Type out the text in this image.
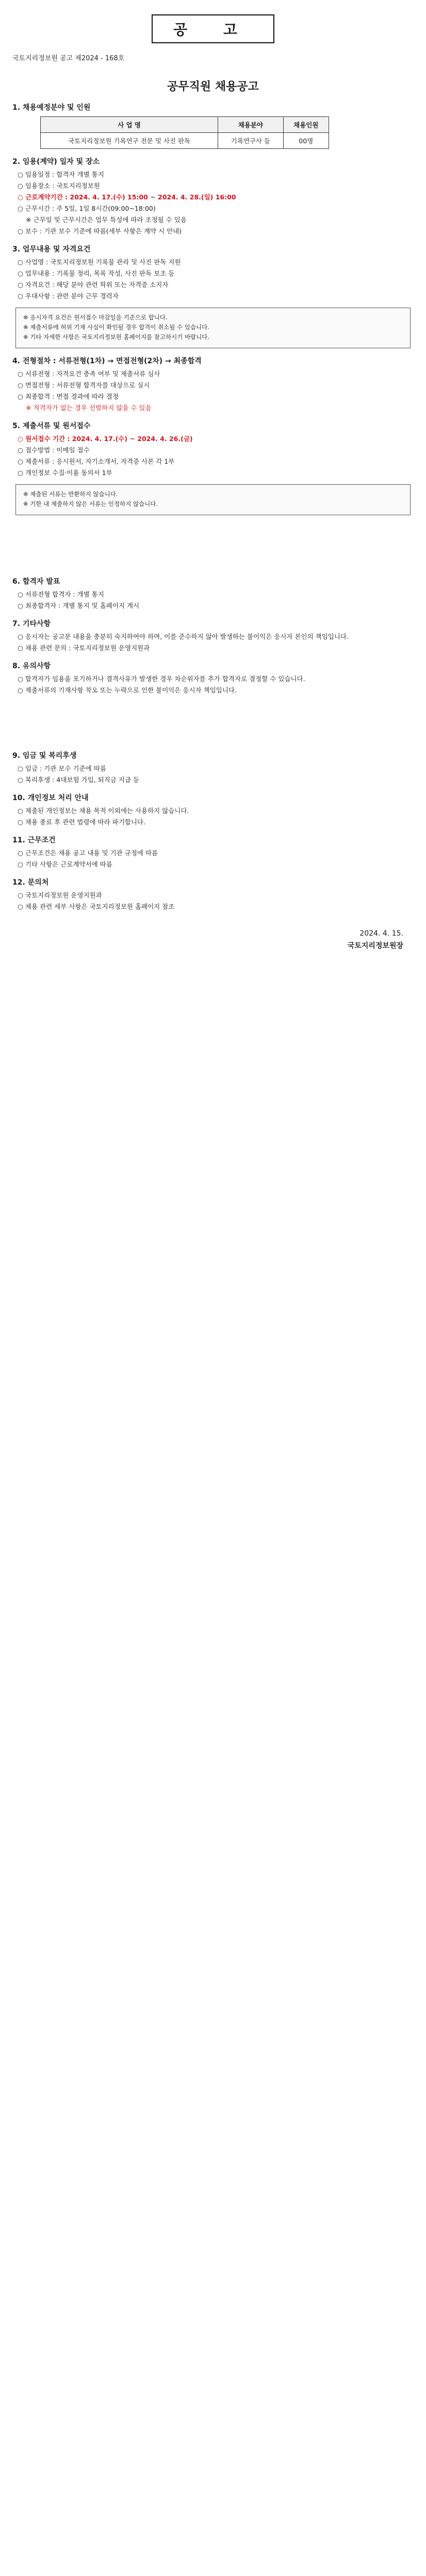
공 고
국토지리정보원 공고 제2024 - 168호
공무직원 채용공고
1. 채용예정분야 및 인원
사 업 명	채용분야	채용인원
국토지리정보원 기록연구 전문 및 사진 판독	기록연구사 등	00명
2. 임용(계약) 일자 및 장소
○ 임용일정 : 합격자 개별 통지
○ 임용장소 : 국토지리정보원
○ 근로계약기간 : 2024. 4. 17.(수) 15:00 ~ 2024. 4. 28.(일) 16:00
○ 근무시간 : 주 5일, 1일 8시간(09:00~18:00)
※ 근무일 및 근무시간은 업무 특성에 따라 조정될 수 있음
○ 보수 : 기관 보수 기준에 따름(세부 사항은 계약 시 안내)
3. 업무내용 및 자격요건
○ 사업명 : 국토지리정보원 기록물 관리 및 사진 판독 지원
○ 업무내용 : 기록물 정리, 목록 작성, 사진 판독 보조 등
○ 자격요건 : 해당 분야 관련 학위 또는 자격증 소지자
○ 우대사항 : 관련 분야 근무 경력자
※ 응시자격 요건은 원서접수 마감일을 기준으로 합니다.
※ 제출서류에 허위 기재 사실이 확인될 경우 합격이 취소될 수 있습니다.
※ 기타 자세한 사항은 국토지리정보원 홈페이지를 참고하시기 바랍니다.
4. 전형절차 : 서류전형(1차) → 면접전형(2차) → 최종합격
○ 서류전형 : 자격요건 충족 여부 및 제출서류 심사
○ 면접전형 : 서류전형 합격자를 대상으로 실시
○ 최종합격 : 면접 결과에 따라 결정
※ 적격자가 없는 경우 선발하지 않을 수 있음
5. 제출서류 및 원서접수
○ 원서접수 기간 : 2024. 4. 17.(수) ~ 2024. 4. 26.(금)
○ 접수방법 : 이메일 접수
○ 제출서류 : 응시원서, 자기소개서, 자격증 사본 각 1부
○ 개인정보 수집·이용 동의서 1부
※ 제출된 서류는 반환하지 않습니다.
※ 기한 내 제출하지 않은 서류는 인정하지 않습니다.
6. 합격자 발표
○ 서류전형 합격자 : 개별 통지
○ 최종합격자 : 개별 통지 및 홈페이지 게시
7. 기타사항
○ 응시자는 공고문 내용을 충분히 숙지하여야 하며, 이를 준수하지 않아 발생하는 불이익은 응시자 본인의 책임입니다.
○ 채용 관련 문의 : 국토지리정보원 운영지원과
8. 유의사항
○ 합격자가 임용을 포기하거나 결격사유가 발생한 경우 차순위자를 추가 합격자로 결정할 수 있습니다.
○ 제출서류의 기재사항 착오 또는 누락으로 인한 불이익은 응시자 책임입니다.
9. 임금 및 복리후생
○ 임금 : 기관 보수 기준에 따름
○ 복리후생 : 4대보험 가입, 퇴직금 지급 등
10. 개인정보 처리 안내
○ 제출된 개인정보는 채용 목적 이외에는 사용하지 않습니다.
○ 채용 종료 후 관련 법령에 따라 파기합니다.
11. 근무조건
○ 근무조건은 채용 공고 내용 및 기관 규정에 따름
○ 기타 사항은 근로계약서에 따름
12. 문의처
○ 국토지리정보원 운영지원과
○ 채용 관련 세부 사항은 국토지리정보원 홈페이지 참조
2024. 4. 15.
국토지리정보원장
